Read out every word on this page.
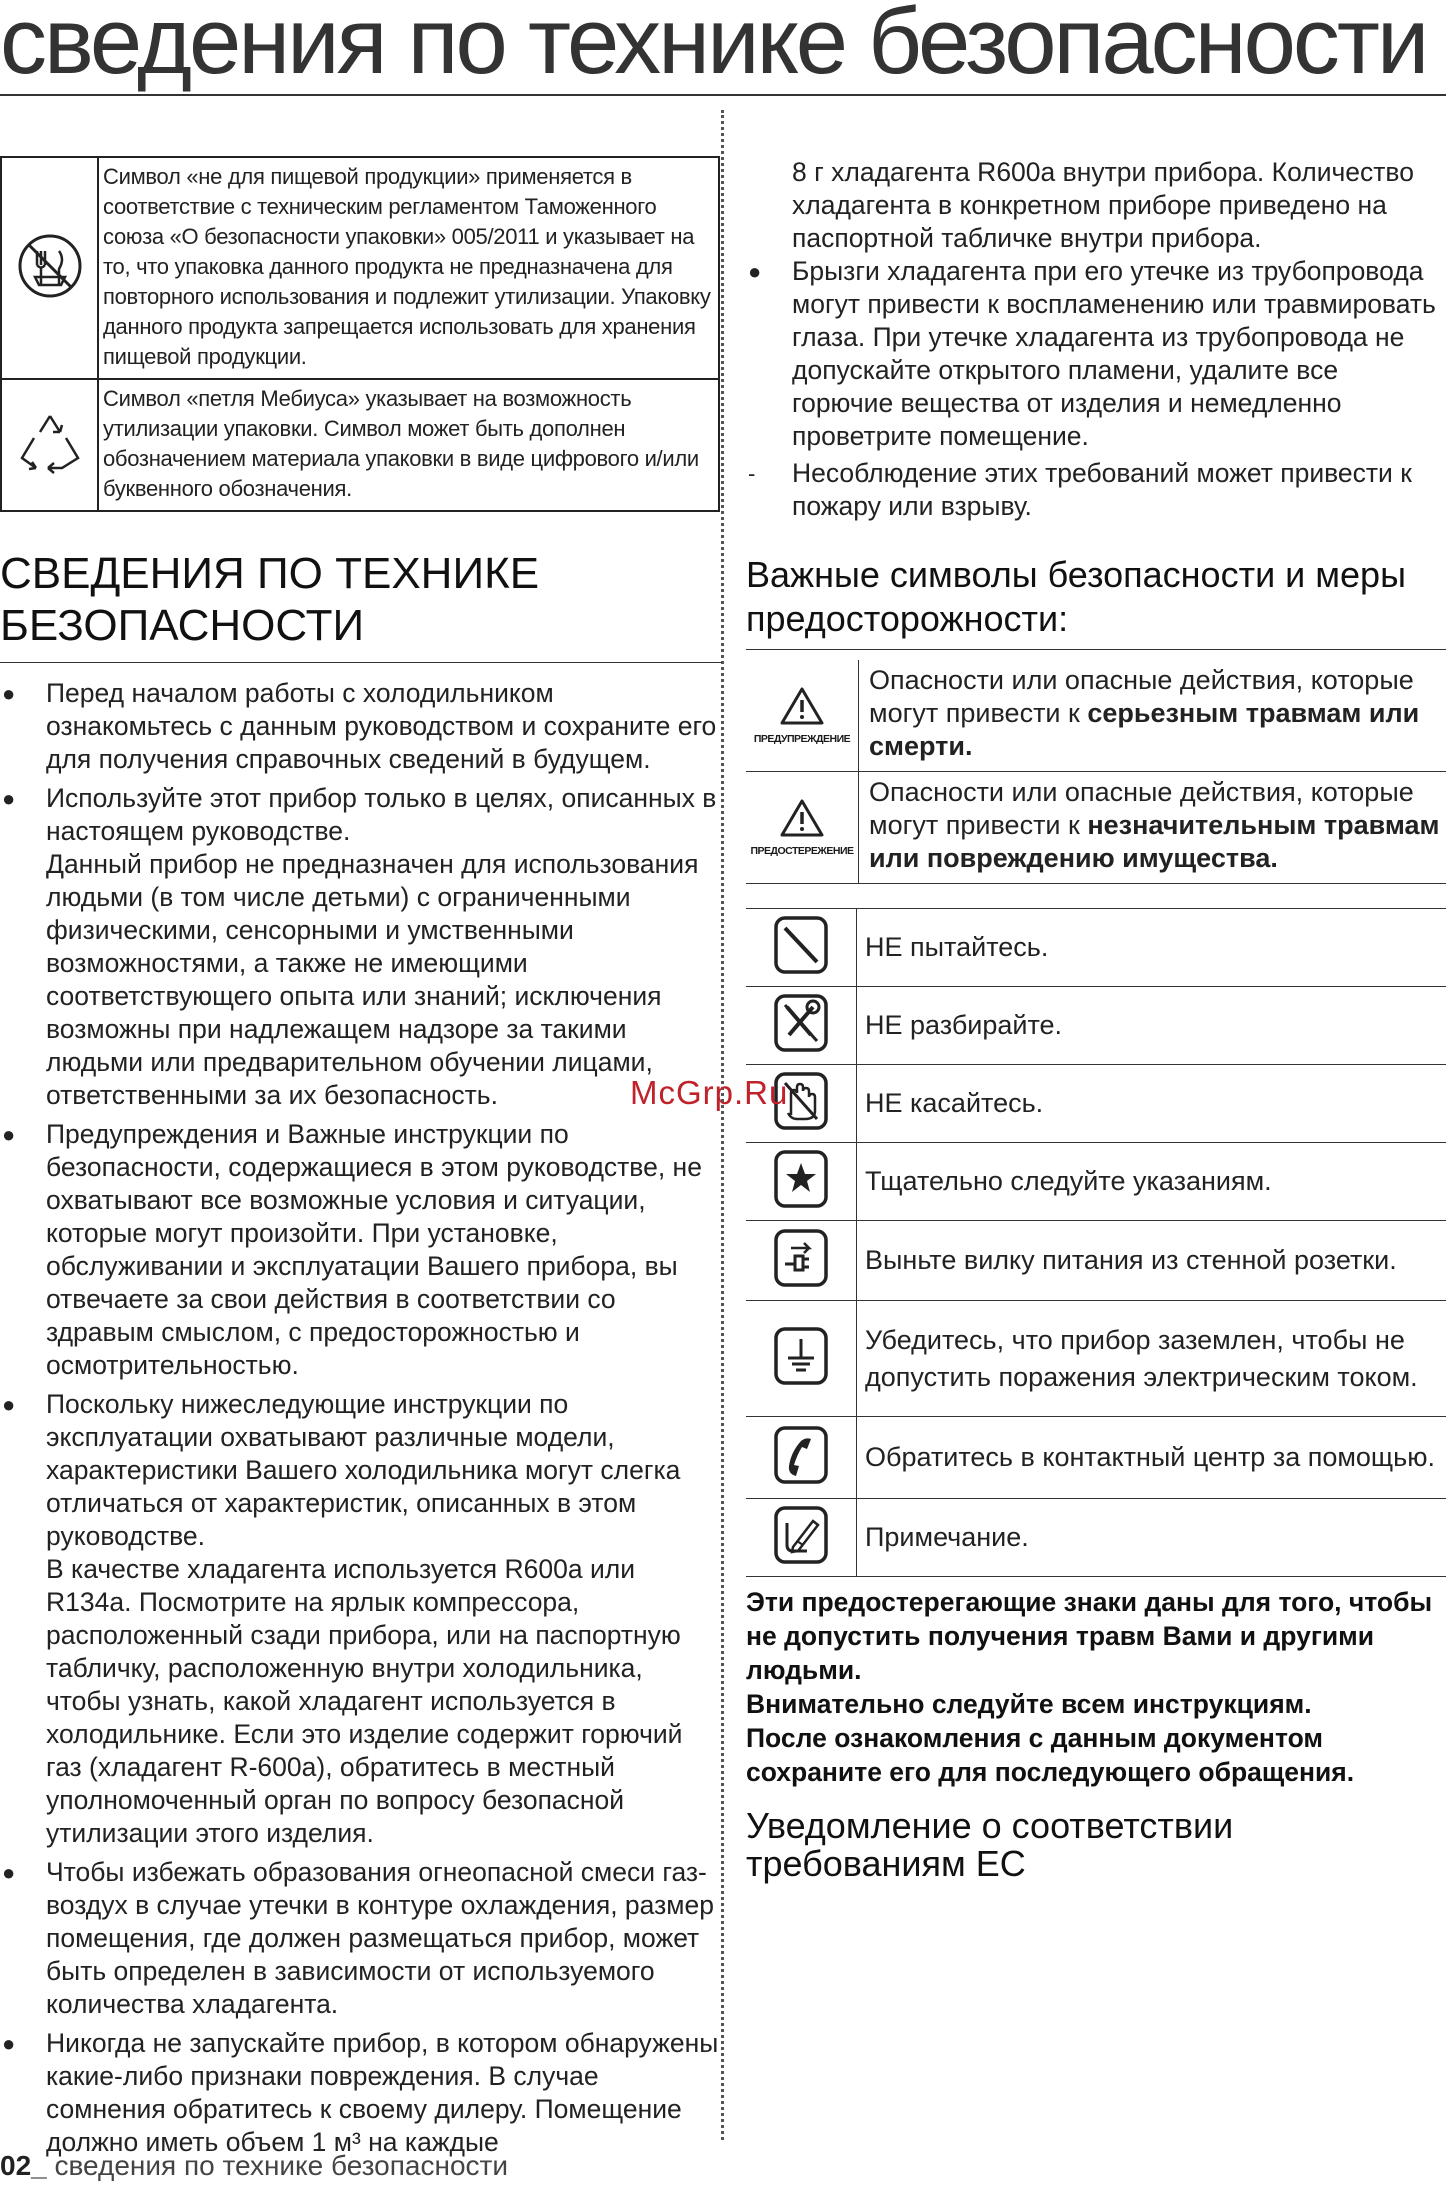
сведения по технике безопасности
	Символ «не для пищевой продукции» применяется в соответствие с техническим регламентом Таможенного союза «О безопасности упаковки» 005/2011 и указывает на то, что упаковка данного продукта не предназначена для повторного использования и подлежит утилизации. Упаковку данного продукта запрещается использовать для хранения пищевой продукции.
	Символ «петля Мебиуса» указывает на возможность утилизации упаковки. Символ может быть дополнен обозначением материала упаковки в виде цифрового и/или буквенного обозначения.
СВЕДЕНИЯ ПО ТЕХНИКЕ
БЕЗОПАСНОСТИ
● Перед началом работы с холодильником ознакомьтесь с данным руководством и сохраните его для получения справочных сведений в будущем.
● Используйте этот прибор только в целях, описанных в настоящем руководстве.
Данный прибор не предназначен для использования людьми (в том числе детьми) с ограниченными физическими, сенсорными и умственными возможностями, а также не имеющими соответствующего опыта или знаний; исключения возможны при надлежащем надзоре за такими людьми или предварительном обучении лицами, ответственными за их безопасность.
● Предупреждения и Важные инструкции по безопасности, содержащиеся в этом руководстве, не охватывают все возможные условия и ситуации, которые могут произойти. При установке, обслуживании и эксплуатации Вашего прибора, вы отвечаете за свои действия в соответствии со здравым смыслом, с предосторожностью и осмотрительностью.
● Поскольку нижеследующие инструкции по эксплуатации охватывают различные модели, характеристики Вашего холодильника могут слегка отличаться от характеристик, описанных в этом руководстве.
В качестве хладагента используется R600a или R134a. Посмотрите на ярлык компрессора, расположенный сзади прибора, или на паспортную табличку, расположенную внутри холодильника, чтобы узнать, какой хладагент используется в холодильнике. Если это изделие содержит горючий газ (хладагент R-600a), обратитесь в местный уполномоченный орган по вопросу безопасной утилизации этого изделия.
● Чтобы избежать образования огнеопасной смеси газ-воздух в случае утечки в контуре охлаждения, размер помещения, где должен размещаться прибор, может быть определен в зависимости от используемого количества хладагента.
● Никогда не запускайте прибор, в котором обнаружены какие-либо признаки повреждения. В случае сомнения обратитесь к своему дилеру. Помещение должно иметь объем 1 м³ на каждые
8 г хладагента R600a внутри прибора. Количество хладагента в конкретном приборе приведено на паспортной табличке внутри прибора.
● Брызги хладагента при его утечке из трубопровода могут привести к воспламенению или травмировать глаза. При утечке хладагента из трубопровода не допускайте открытого пламени, удалите все горючие вещества от изделия и немедленно проветрите помещение.
- Несоблюдение этих требований может привести к пожару или взрыву.
Важные символы безопасности и меры предосторожности:
ПРЕДУПРЕЖДЕНИЕ	Опасности или опасные действия, которые могут привести к серьезным травмам или смерти.

ПРЕДОСТЕРЕЖЕНИЕ	Опасности или опасные действия, которые могут привести к незначительным травмам или повреждению имущества.
	НЕ пытайтесь.
	НЕ разбирайте.
	НЕ касайтесь.
	Тщательно следуйте указаниям.
	Выньте вилку питания из стенной розетки.
	Убедитесь, что прибор заземлен, чтобы не допустить поражения электрическим током.
	Обратитесь в контактный центр за помощью.
	Примечание.
Эти предостерегающие знаки даны для того, чтобы не допустить получения травм Вами и другими людьми.
Внимательно следуйте всем инструкциям.
После ознакомления с данным документом сохраните его для последующего обращения.
Уведомление о соответствии
требованиям ЕС
McGrp.Ru
02_ сведения по технике безопасности
